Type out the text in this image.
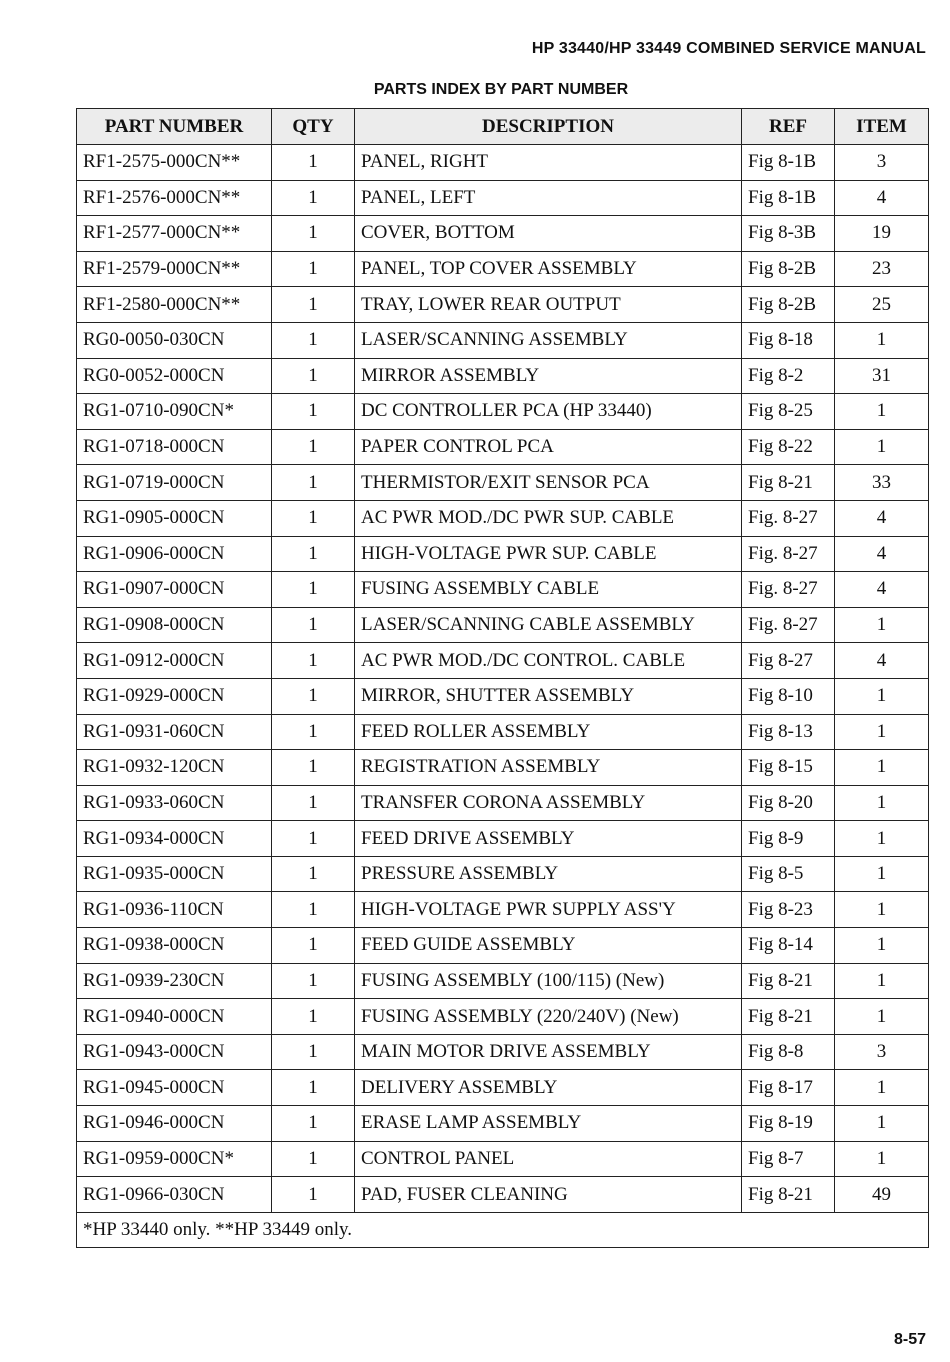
HP 33440/HP 33449 COMBINED SERVICE MANUAL
PARTS INDEX BY PART NUMBER
PART NUMBER	QTY	DESCRIPTION	REF	ITEM
RF1-2575-000CN**	1	PANEL, RIGHT	Fig 8-1B	3
RF1-2576-000CN**	1	PANEL, LEFT	Fig 8-1B	4
RF1-2577-000CN**	1	COVER, BOTTOM	Fig 8-3B	19
RF1-2579-000CN**	1	PANEL, TOP COVER ASSEMBLY	Fig 8-2B	23
RF1-2580-000CN**	1	TRAY, LOWER REAR OUTPUT	Fig 8-2B	25
RG0-0050-030CN	1	LASER/SCANNING ASSEMBLY	Fig 8-18	1
RG0-0052-000CN	1	MIRROR ASSEMBLY	Fig 8-2	31
RG1-0710-090CN*	1	DC CONTROLLER PCA (HP 33440)	Fig 8-25	1
RG1-0718-000CN	1	PAPER CONTROL PCA	Fig 8-22	1
RG1-0719-000CN	1	THERMISTOR/EXIT SENSOR PCA	Fig 8-21	33
RG1-0905-000CN	1	AC PWR MOD./DC PWR SUP. CABLE	Fig. 8-27	4
RG1-0906-000CN	1	HIGH-VOLTAGE PWR SUP. CABLE	Fig. 8-27	4
RG1-0907-000CN	1	FUSING ASSEMBLY CABLE	Fig. 8-27	4
RG1-0908-000CN	1	LASER/SCANNING CABLE ASSEMBLY	Fig. 8-27	1
RG1-0912-000CN	1	AC PWR MOD./DC CONTROL. CABLE	Fig 8-27	4
RG1-0929-000CN	1	MIRROR, SHUTTER ASSEMBLY	Fig 8-10	1
RG1-0931-060CN	1	FEED ROLLER ASSEMBLY	Fig 8-13	1
RG1-0932-120CN	1	REGISTRATION ASSEMBLY	Fig 8-15	1
RG1-0933-060CN	1	TRANSFER CORONA ASSEMBLY	Fig 8-20	1
RG1-0934-000CN	1	FEED DRIVE ASSEMBLY	Fig 8-9	1
RG1-0935-000CN	1	PRESSURE ASSEMBLY	Fig 8-5	1
RG1-0936-110CN	1	HIGH-VOLTAGE PWR SUPPLY ASS'Y	Fig 8-23	1
RG1-0938-000CN	1	FEED GUIDE ASSEMBLY	Fig 8-14	1
RG1-0939-230CN	1	FUSING ASSEMBLY (100/115) (New)	Fig 8-21	1
RG1-0940-000CN	1	FUSING ASSEMBLY (220/240V) (New)	Fig 8-21	1
RG1-0943-000CN	1	MAIN MOTOR DRIVE ASSEMBLY	Fig 8-8	3
RG1-0945-000CN	1	DELIVERY ASSEMBLY	Fig 8-17	1
RG1-0946-000CN	1	ERASE LAMP ASSEMBLY	Fig 8-19	1
RG1-0959-000CN*	1	CONTROL PANEL	Fig 8-7	1
RG1-0966-030CN	1	PAD, FUSER CLEANING	Fig 8-21	49
*HP 33440 only. **HP 33449 only.				
8-57
